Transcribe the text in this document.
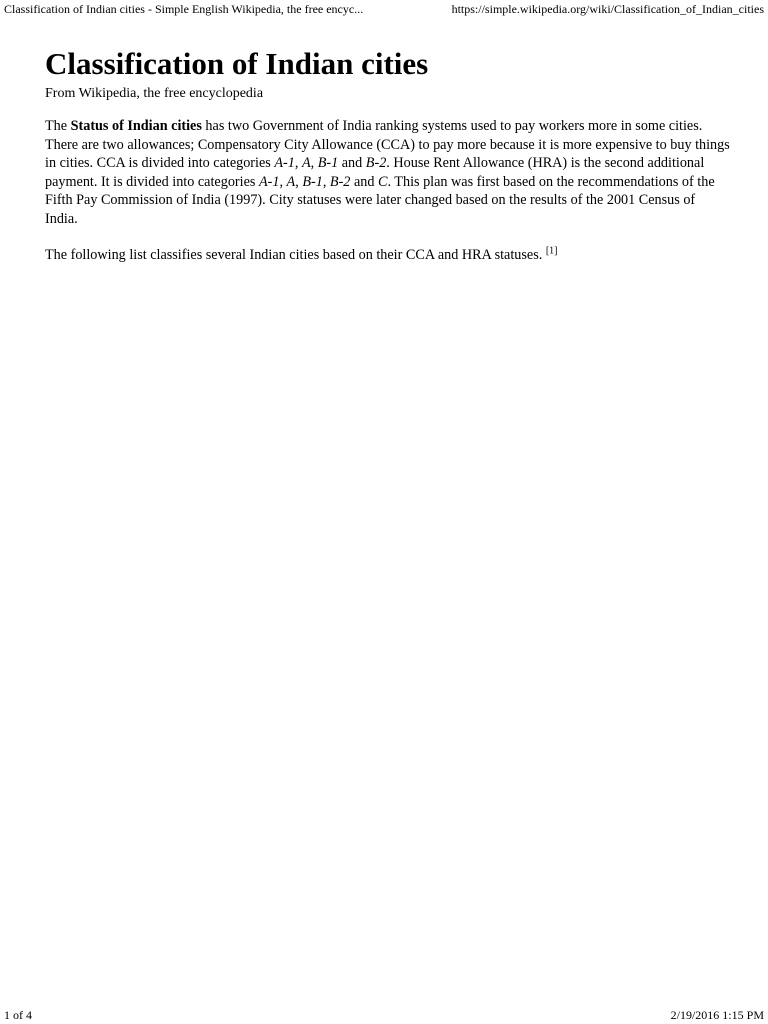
Classification of Indian cities - Simple English Wikipedia, the free encyc...	https://simple.wikipedia.org/wiki/Classification_of_Indian_cities
Classification of Indian cities
From Wikipedia, the free encyclopedia

The Status of Indian cities has two Government of India ranking systems used to pay workers more in some cities. There are two allowances; Compensatory City Allowance (CCA) to pay more because it is more expensive to buy things in cities. CCA is divided into categories A-1, A, B-1 and B-2. House Rent Allowance (HRA) is the second additional payment. It is divided into categories A-1, A, B-1, B-2 and C. This plan was first based on the recommendations of the Fifth Pay Commission of India (1997). City statuses were later changed based on the results of the 2001 Census of India.

The following list classifies several Indian cities based on their CCA and HRA statuses. [1]

1 of 4	2/19/2016 1:15 PM
